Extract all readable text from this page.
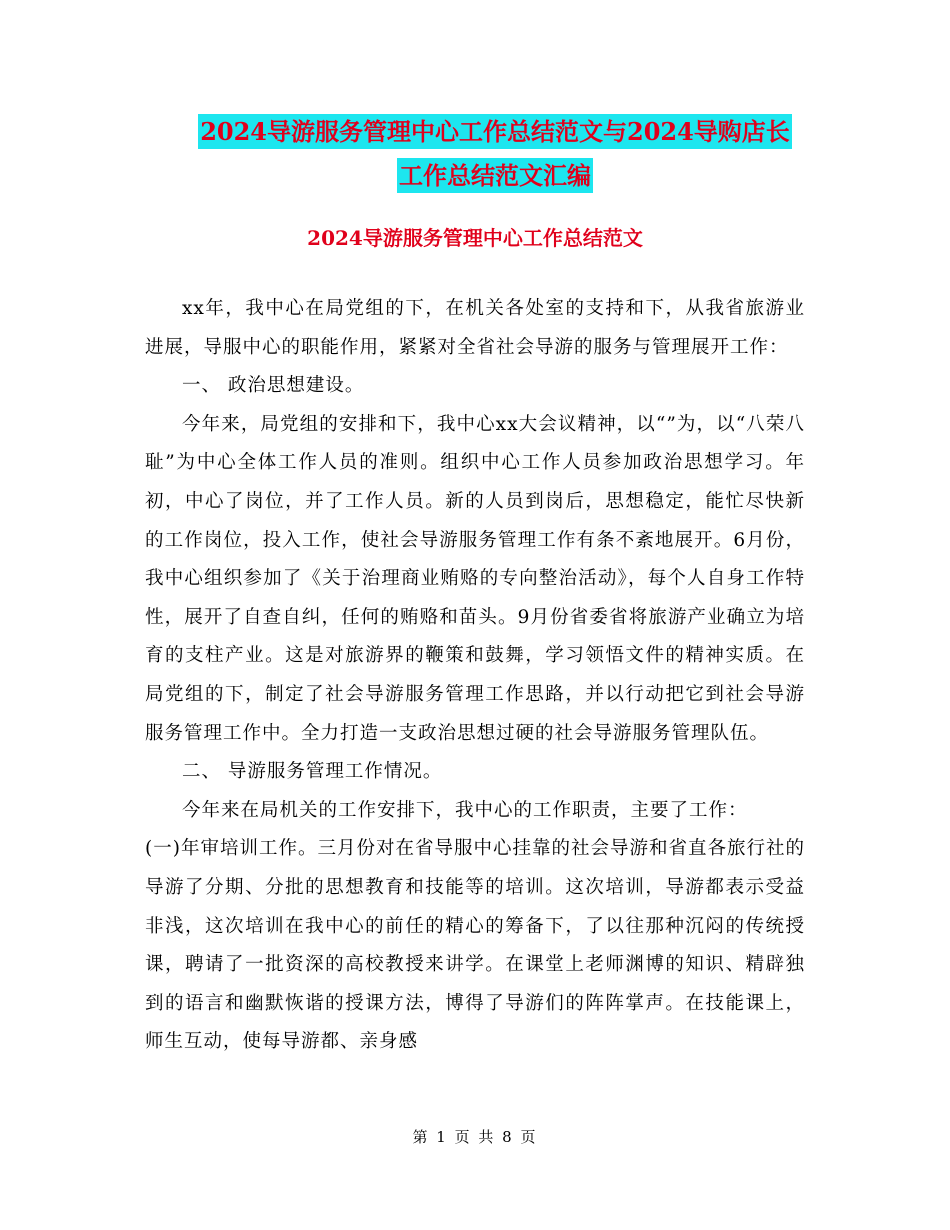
2024导游服务管理中心工作总结范文与2024导购店长
工作总结范文汇编
2024导游服务管理中心工作总结范文

xx年，我中心在局党组的下，在机关各处室的支持和下，从我省旅游业进展，导服中心的职能作用，紧紧对全省社会导游的服务与管理展开工作：

一、 政治思想建设。

今年来，局党组的安排和下，我中心xx大会议精神，以“”为，以“八荣八耻”为中心全体工作人员的准则。组织中心工作人员参加政治思想学习。年初，中心了岗位，并了工作人员。新的人员到岗后，思想稳定，能忙尽快新的工作岗位，投入工作，使社会导游服务管理工作有条不紊地展开。6月份，我中心组织参加了《关于治理商业贿赂的专向整治活动》，每个人自身工作特性，展开了自查自纠，任何的贿赂和苗头。9月份省委省将旅游产业确立为培育的支柱产业。这是对旅游界的鞭策和鼓舞，学习领悟文件的精神实质。在局党组的下，制定了社会导游服务管理工作思路，并以行动把它到社会导游服务管理工作中。全力打造一支政治思想过硬的社会导游服务管理队伍。

二、 导游服务管理工作情况。

今年来在局机关的工作安排下，我中心的工作职责，主要了工作：

(一)年审培训工作。三月份对在省导服中心挂靠的社会导游和省直各旅行社的导游了分期、分批的思想教育和技能等的培训。这次培训，导游都表示受益非浅，这次培训在我中心的前任的精心的筹备下，了以往那种沉闷的传统授课，聘请了一批资深的高校教授来讲学。在课堂上老师渊博的知识、精辟独到的语言和幽默恢谐的授课方法，博得了导游们的阵阵掌声。在技能课上，师生互动，使每导游都、亲身感

第 1 页 共 8 页
